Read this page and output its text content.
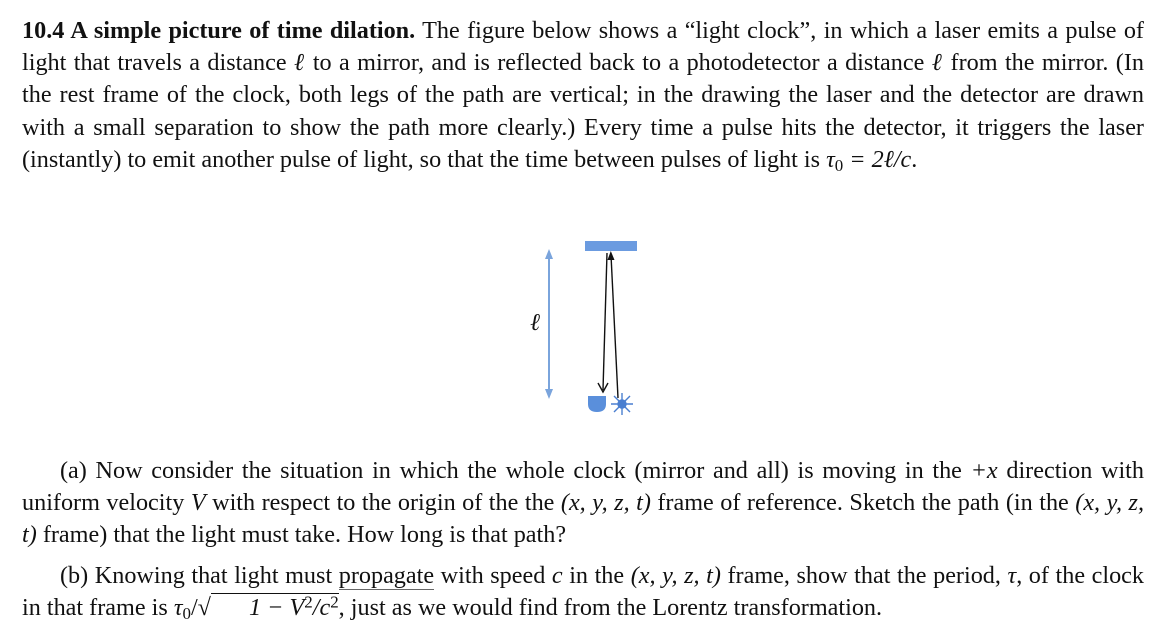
10.4 A simple picture of time dilation. The figure below shows a “light clock”, in which a laser emits a pulse of light that travels a distance ℓ to a mirror, and is reflected back to a photodetector a distance ℓ from the mirror. (In the rest frame of the clock, both legs of the path are vertical; in the drawing the laser and the detector are drawn with a small separation to show the path more clearly.) Every time a pulse hits the detector, it triggers the laser (instantly) to emit another pulse of light, so that the time between pulses of light is $\tau_0$ = 2ℓ/c.

ℓ

(a) Now consider the situation in which the whole clock (mirror and all) is moving in the +x direction with uniform velocity V with respect to the origin of the the (x, y, z, t) frame of reference. Sketch the path (in the (x, y, z, t) frame) that the light must take. How long is that path?

(b) Knowing that light must propagate with speed c in the (x, y, z, t) frame, show that the period, τ, of the clock in that frame is $\tau_0/√$ $1 - V^2/c^2$, just as we would find from the Lorentz transformation.
